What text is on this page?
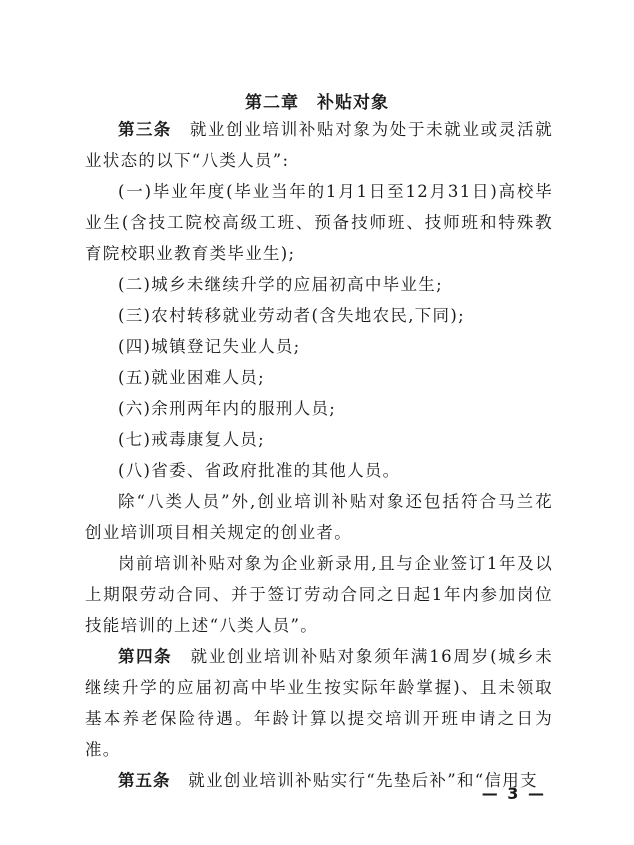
第二章　补贴对象

第三条　就业创业培训补贴对象为处于未就业或灵活就业状态的以下“八类人员”:

(一)毕业年度(毕业当年的1月1日至12月31日)高校毕业生(含技工院校高级工班、预备技师班、技师班和特殊教育院校职业教育类毕业生);

(二)城乡未继续升学的应届初高中毕业生;

(三)农村转移就业劳动者(含失地农民,下同);

(四)城镇登记失业人员;

(五)就业困难人员;

(六)余刑两年内的服刑人员;

(七)戒毒康复人员;

(八)省委、省政府批准的其他人员。

除“八类人员”外,创业培训补贴对象还包括符合马兰花创业培训项目相关规定的创业者。

岗前培训补贴对象为企业新录用,且与企业签订1年及以上期限劳动合同、并于签订劳动合同之日起1年内参加岗位技能培训的上述“八类人员”。

第四条　就业创业培训补贴对象须年满16周岁(城乡未继续升学的应届初高中毕业生按实际年龄掌握)、且未领取基本养老保险待遇。年龄计算以提交培训开班申请之日为准。

第五条　就业创业培训补贴实行“先垫后补”和“信用支

— 3 —
